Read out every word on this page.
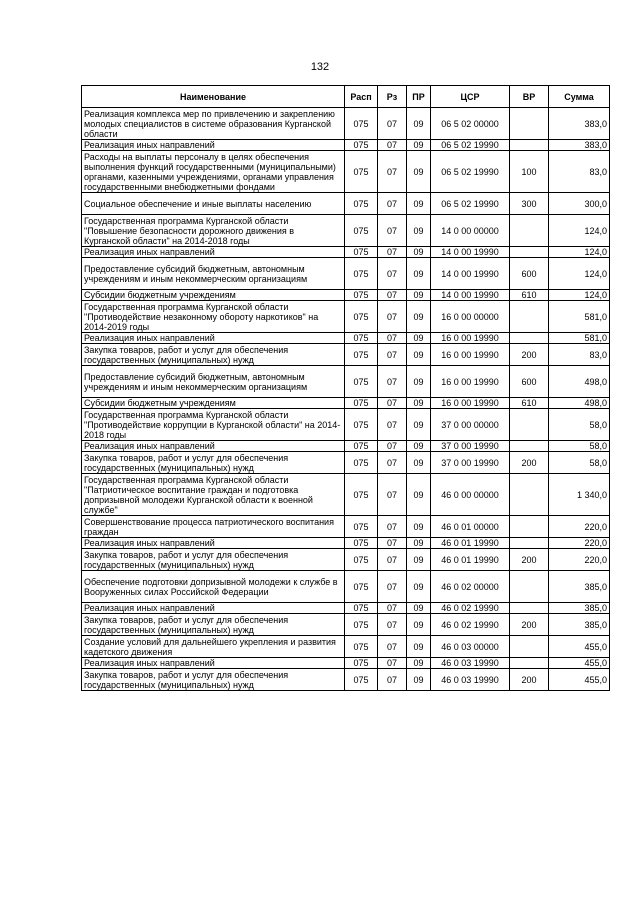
132
Наименование	Расп	Рз	ПР	ЦСР	ВР	Сумма
Реализация комплекса мер по привлечению и закреплению молодых специалистов в системе образования Курганской области	075	07	09	06 5 02 00000		383,0
Реализация иных направлений	075	07	09	06 5 02 19990		383,0
Расходы на выплаты персоналу в целях обеспечения выполнения функций государственными (муниципальными) органами, казенными учреждениями, органами управления государственными внебюджетными фондами	075	07	09	06 5 02 19990	100	83,0
Социальное обеспечение и иные выплаты населению	075	07	09	06 5 02 19990	300	300,0
Государственная программа Курганской области "Повышение безопасности дорожного движения в Курганской области" на 2014-2018 годы	075	07	09	14 0 00 00000		124,0
Реализация иных направлений	075	07	09	14 0 00 19990		124,0
Предоставление субсидий бюджетным, автономным учреждениям и иным некоммерческим организациям	075	07	09	14 0 00 19990	600	124,0
Субсидии бюджетным учреждениям	075	07	09	14 0 00 19990	610	124,0
Государственная программа Курганской области "Противодействие незаконному обороту наркотиков" на 2014-2019 годы	075	07	09	16 0 00 00000		581,0
Реализация иных направлений	075	07	09	16 0 00 19990		581,0
Закупка товаров, работ и услуг для обеспечения государственных (муниципальных) нужд	075	07	09	16 0 00 19990	200	83,0
Предоставление субсидий бюджетным, автономным учреждениям и иным некоммерческим организациям	075	07	09	16 0 00 19990	600	498,0
Субсидии бюджетным учреждениям	075	07	09	16 0 00 19990	610	498,0
Государственная программа Курганской области "Противодействие коррупции в Курганской области" на 2014-2018 годы	075	07	09	37 0 00 00000		58,0
Реализация иных направлений	075	07	09	37 0 00 19990		58,0
Закупка товаров, работ и услуг для обеспечения государственных (муниципальных) нужд	075	07	09	37 0 00 19990	200	58,0
Государственная программа Курганской области "Патриотическое воспитание граждан и подготовка допризывной молодежи Курганской области к военной службе"	075	07	09	46 0 00 00000		1 340,0
Совершенствование процесса патриотического воспитания граждан	075	07	09	46 0 01 00000		220,0
Реализация иных направлений	075	07	09	46 0 01 19990		220,0
Закупка товаров, работ и услуг для обеспечения государственных (муниципальных) нужд	075	07	09	46 0 01 19990	200	220,0
Обеспечение подготовки допризывной молодежи к службе в Вооруженных силах Российской Федерации	075	07	09	46 0 02 00000		385,0
Реализация иных направлений	075	07	09	46 0 02 19990		385,0
Закупка товаров, работ и услуг для обеспечения государственных (муниципальных) нужд	075	07	09	46 0 02 19990	200	385,0
Создание условий для дальнейшего укрепления и развития кадетского движения	075	07	09	46 0 03 00000		455,0
Реализация иных направлений	075	07	09	46 0 03 19990		455,0
Закупка товаров, работ и услуг для обеспечения государственных (муниципальных) нужд	075	07	09	46 0 03 19990	200	455,0
